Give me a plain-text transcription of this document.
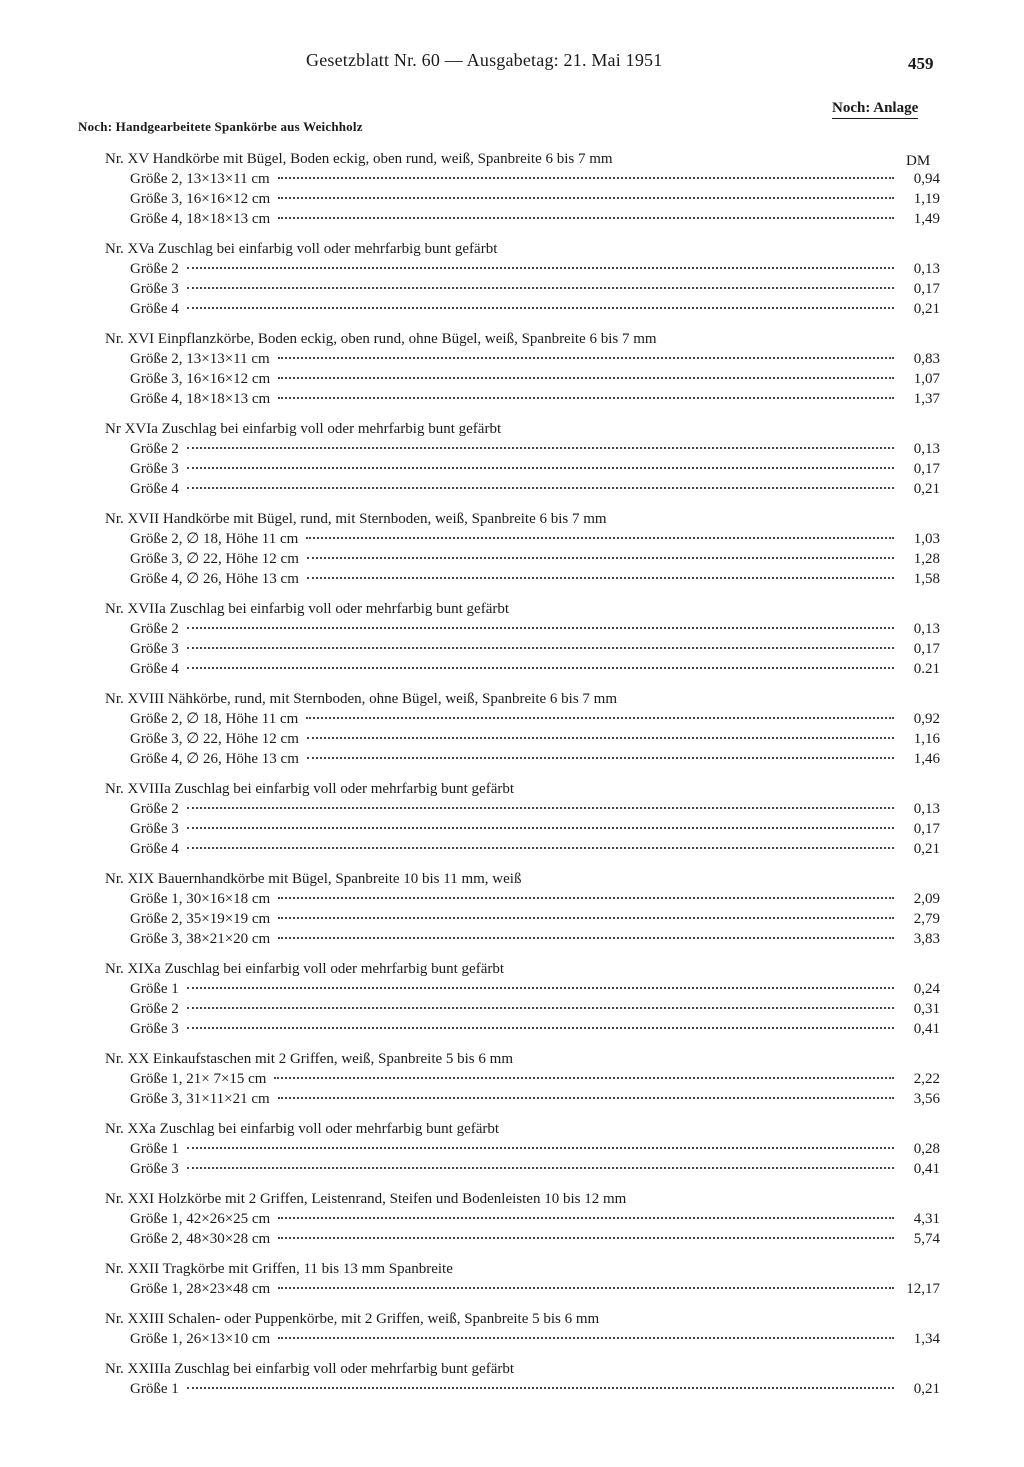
Gesetzblatt Nr. 60 — Ausgabetag: 21. Mai 1951	459
Noch: Anlage
Noch: Handgearbeitete Spankörbe aus Weichholz
Nr. XV Handkörbe mit Bügel, Boden eckig, oben rund, weiß, Spanbreite 6 bis 7 mm	DM
Größe 2, 13×13×11 cm	0,94
Größe 3, 16×16×12 cm	1,19
Größe 4, 18×18×13 cm	1,49
Nr. XVa Zuschlag bei einfarbig voll oder mehrfarbig bunt gefärbt
Größe 2	0,13
Größe 3	0,17
Größe 4	0,21
Nr. XVI Einpflanzkörbe, Boden eckig, oben rund, ohne Bügel, weiß, Spanbreite 6 bis 7 mm
Größe 2, 13×13×11 cm	0,83
Größe 3, 16×16×12 cm	1,07
Größe 4, 18×18×13 cm	1,37
Nr XVIa Zuschlag bei einfarbig voll oder mehrfarbig bunt gefärbt
Größe 2	0,13
Größe 3	0,17
Größe 4	0,21
Nr. XVII Handkörbe mit Bügel, rund, mit Sternboden, weiß, Spanbreite 6 bis 7 mm
Größe 2, ∅ 18, Höhe 11 cm	1,03
Größe 3, ∅ 22, Höhe 12 cm	1,28
Größe 4, ∅ 26, Höhe 13 cm	1,58
Nr. XVIIa Zuschlag bei einfarbig voll oder mehrfarbig bunt gefärbt
Größe 2	0,13
Größe 3	0,17
Größe 4	0.21
Nr. XVIII Nähkörbe, rund, mit Sternboden, ohne Bügel, weiß, Spanbreite 6 bis 7 mm
Größe 2, ∅ 18, Höhe 11 cm	0,92
Größe 3, ∅ 22, Höhe 12 cm	1,16
Größe 4, ∅ 26, Höhe 13 cm	1,46
Nr. XVIIIa Zuschlag bei einfarbig voll oder mehrfarbig bunt gefärbt
Größe 2	0,13
Größe 3	0,17
Größe 4	0,21
Nr. XIX Bauernhandkörbe mit Bügel, Spanbreite 10 bis 11 mm, weiß
Größe 1, 30×16×18 cm	2,09
Größe 2, 35×19×19 cm	2,79
Größe 3, 38×21×20 cm	3,83
Nr. XIXa Zuschlag bei einfarbig voll oder mehrfarbig bunt gefärbt
Größe 1	0,24
Größe 2	0,31
Größe 3	0,41
Nr. XX Einkaufstaschen mit 2 Griffen, weiß, Spanbreite 5 bis 6 mm
Größe 1, 21× 7×15 cm	2,22
Größe 3, 31×11×21 cm	3,56
Nr. XXa Zuschlag bei einfarbig voll oder mehrfarbig bunt gefärbt
Größe 1	0,28
Größe 3	0,41
Nr. XXI Holzkörbe mit 2 Griffen, Leistenrand, Steifen und Bodenleisten 10 bis 12 mm
Größe 1, 42×26×25 cm	4,31
Größe 2, 48×30×28 cm	5,74
Nr. XXII Tragkörbe mit Griffen, 11 bis 13 mm Spanbreite
Größe 1, 28×23×48 cm	12,17
Nr. XXIII Schalen- oder Puppenkörbe, mit 2 Griffen, weiß, Spanbreite 5 bis 6 mm
Größe 1, 26×13×10 cm	1,34
Nr. XXIIIa Zuschlag bei einfarbig voll oder mehrfarbig bunt gefärbt
Größe 1	0,21
